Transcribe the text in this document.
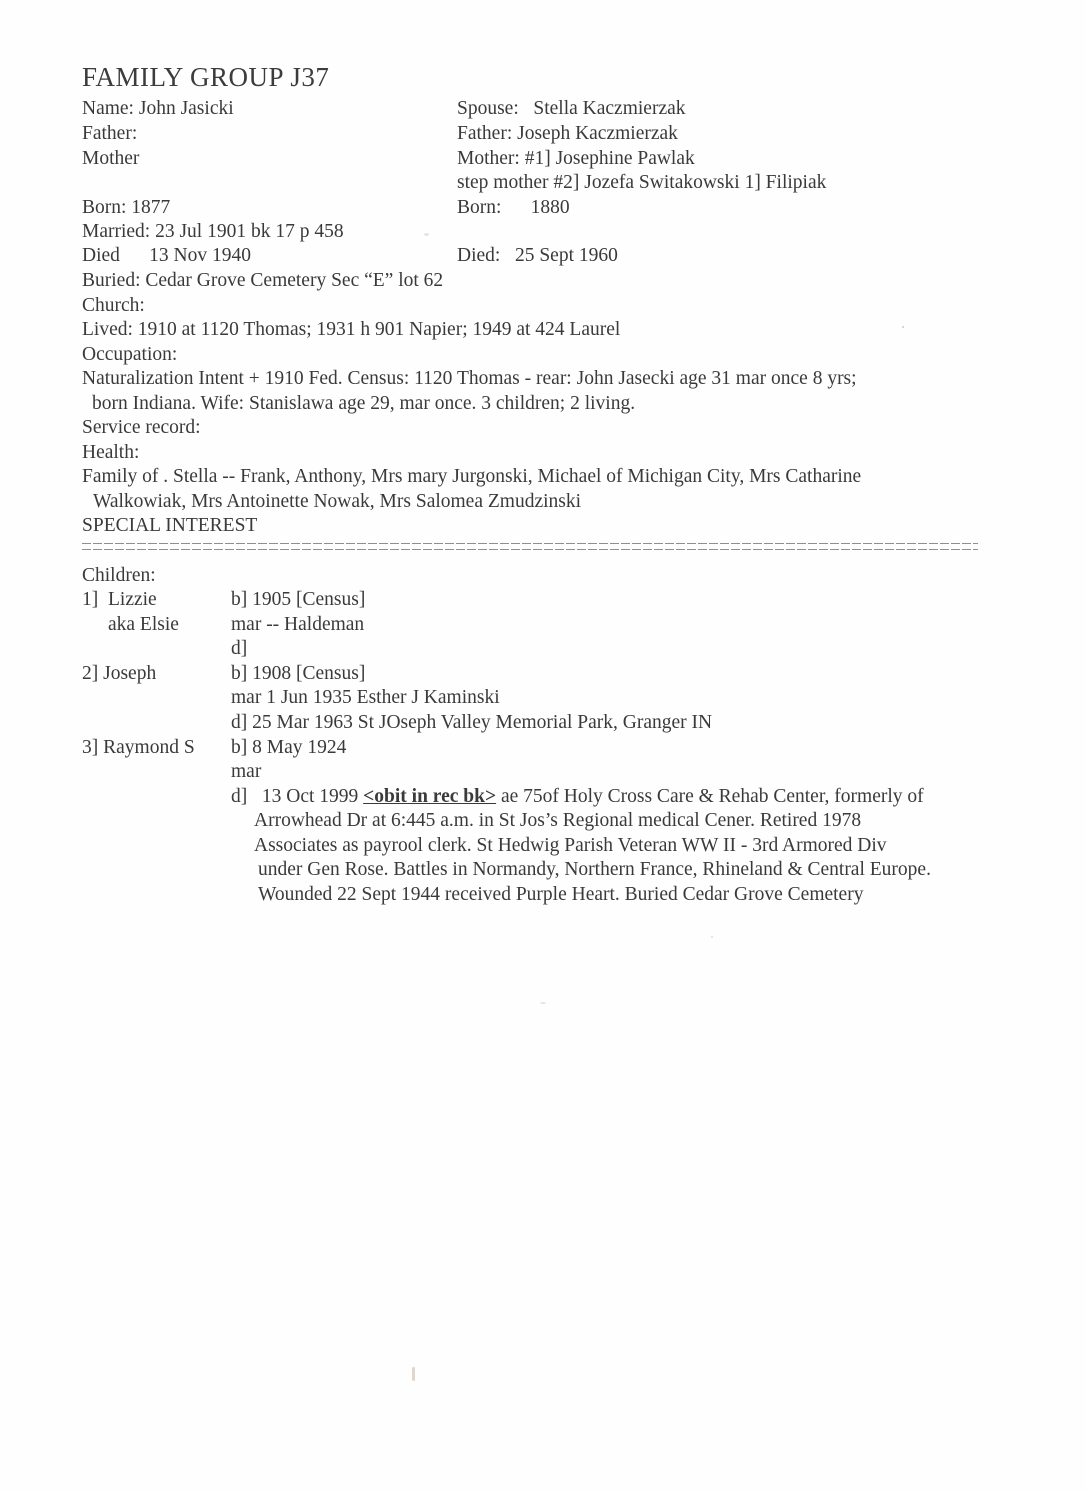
FAMILY GROUP J37
Name: John Jasicki
Father:
Mother
Born: 1877
Married: 23 Jul 1901 bk 17 p 458
Died      13 Nov 1940
Buried: Cedar Grove Cemetery Sec “E” lot 62
Church:
Lived: 1910 at 1120 Thomas; 1931 h 901 Napier; 1949 at 424 Laurel
Occupation:
Naturalization Intent + 1910 Fed. Census: 1120 Thomas - rear: John Jasecki age 31 mar once 8 yrs;
born Indiana. Wife: Stanislawa age 29, mar once. 3 children; 2 living.
Service record:
Health:
Family of . Stella -- Frank, Anthony, Mrs mary Jurgonski, Michael of Michigan City, Mrs Catharine
Walkowiak, Mrs Antoinette Nowak, Mrs Salomea Zmudzinski
SPECIAL INTEREST
Spouse:   Stella Kaczmierzak
Father: Joseph Kaczmierzak
Mother: #1] Josephine Pawlak
step mother #2] Jozefa Switakowski 1] Filipiak
Born:      1880
Died:   25 Sept 1960
Children:
1]  Lizzie
aka Elsie
b] 1905 [Census]
mar -- Haldeman
d]
2] Joseph	b] 1908 [Census]
mar 1 Jun 1935 Esther J Kaminski
d] 25 Mar 1963 St JOseph Valley Memorial Park, Granger IN
3] Raymond S b] 8 May 1924
mar
d]   13 Oct 1999 <obit in rec bk> ae 75of Holy Cross Care & Rehab Center, formerly of
Arrowhead Dr at 6:445 a.m. in St Jos’s Regional medical Cener. Retired 1978
Associates as payrool clerk. St Hedwig Parish Veteran WW II - 3rd Armored Div
under Gen Rose. Battles in Normandy, Northern France, Rhineland & Central Europe.
Wounded 22 Sept 1944 received Purple Heart. Buried Cedar Grove Cemetery
